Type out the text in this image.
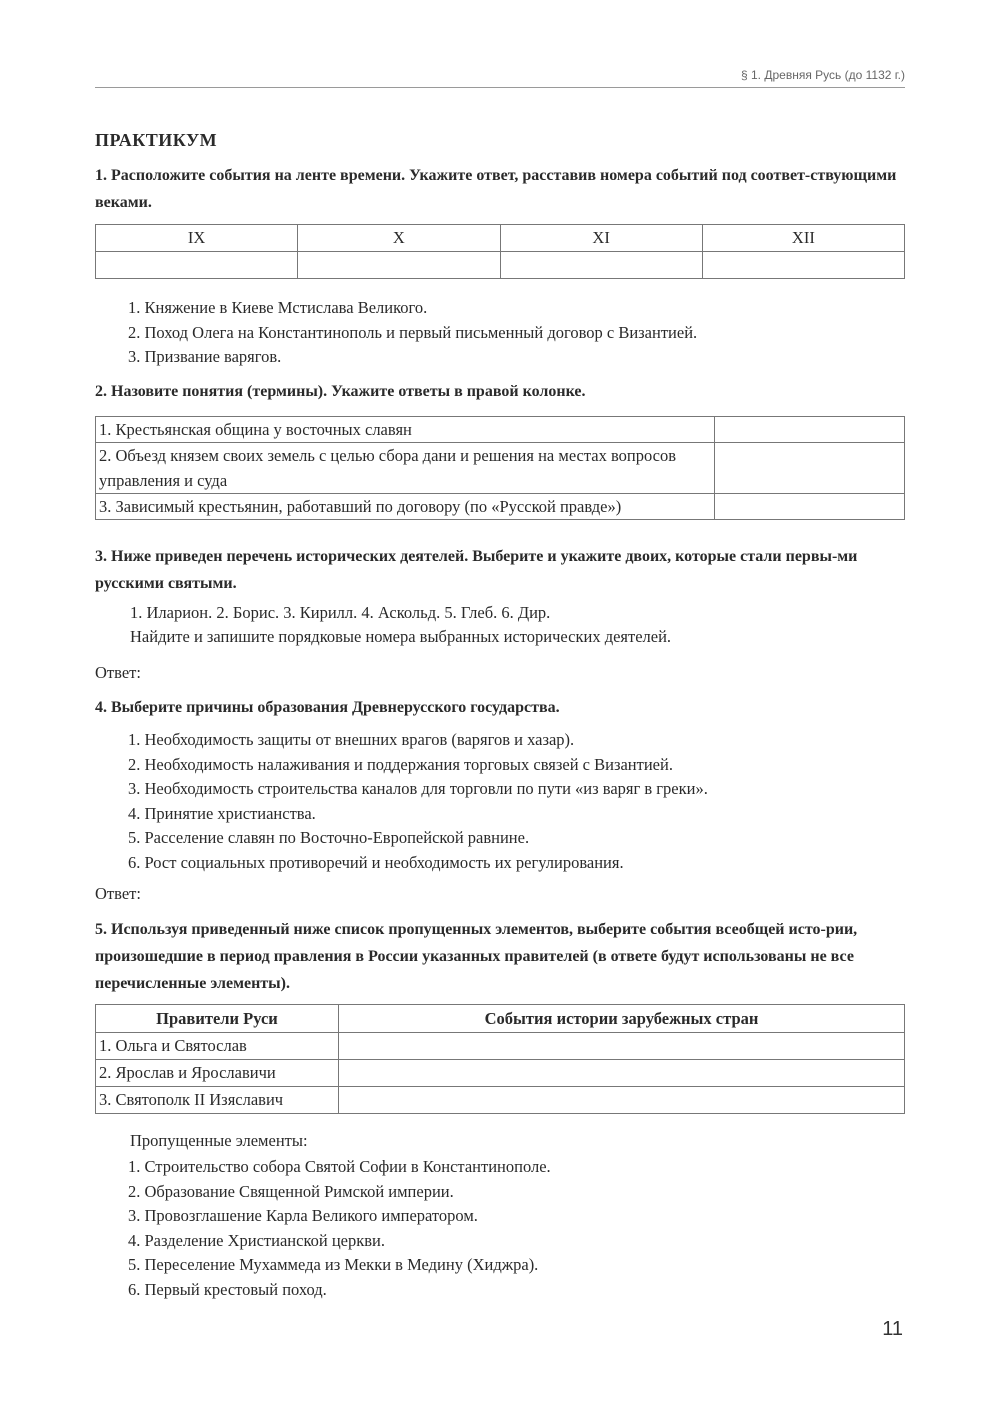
§ 1. Древняя Русь (до 1132 г.)
ПРАКТИКУМ
1. Расположите события на ленте времени. Укажите ответ, расставив номера событий под соответ-ствующими веками.
IX	X	XI	XII

1. Княжение в Киеве Мстислава Великого.
2. Поход Олега на Константинополь и первый письменный договор с Византией.
3. Призвание варягов.
2. Назовите понятия (термины). Укажите ответы в правой колонке.
1. Крестьянская община у восточных славян	
2. Объезд князем своих земель с целью сбора дани и решения на местах вопросов управления и суда	
3. Зависимый крестьянин, работавший по договору (по «Русской правде»)	
3. Ниже приведен перечень исторических деятелей. Выберите и укажите двоих, которые стали первы-ми русскими святыми.
1. Иларион. 2. Борис. 3. Кирилл. 4. Аскольд. 5. Глеб. 6. Дир.
Найдите и запишите порядковые номера выбранных исторических деятелей.
Ответ:
4. Выберите причины образования Древнерусского государства.
1. Необходимость защиты от внешних врагов (варягов и хазар).
2. Необходимость налаживания и поддержания торговых связей с Византией.
3. Необходимость строительства каналов для торговли по пути «из варяг в греки».
4. Принятие христианства.
5. Расселение славян по Восточно-Европейской равнине.
6. Рост социальных противоречий и необходимость их регулирования.
Ответ:
5. Используя приведенный ниже список пропущенных элементов, выберите события всеобщей исто-рии, произошедшие в период правления в России указанных правителей (в ответе будут использованы не все перечисленные элементы).
Правители Руси	События истории зарубежных стран
1. Ольга и Святослав	
2. Ярослав и Ярославичи	
3. Святополк II Изяславич	
Пропущенные элементы:
1. Строительство собора Святой Софии в Константинополе.
2. Образование Священной Римской империи.
3. Провозглашение Карла Великого императором.
4. Разделение Христианской церкви.
5. Переселение Мухаммеда из Мекки в Медину (Хиджра).
6. Первый крестовый поход.
11
